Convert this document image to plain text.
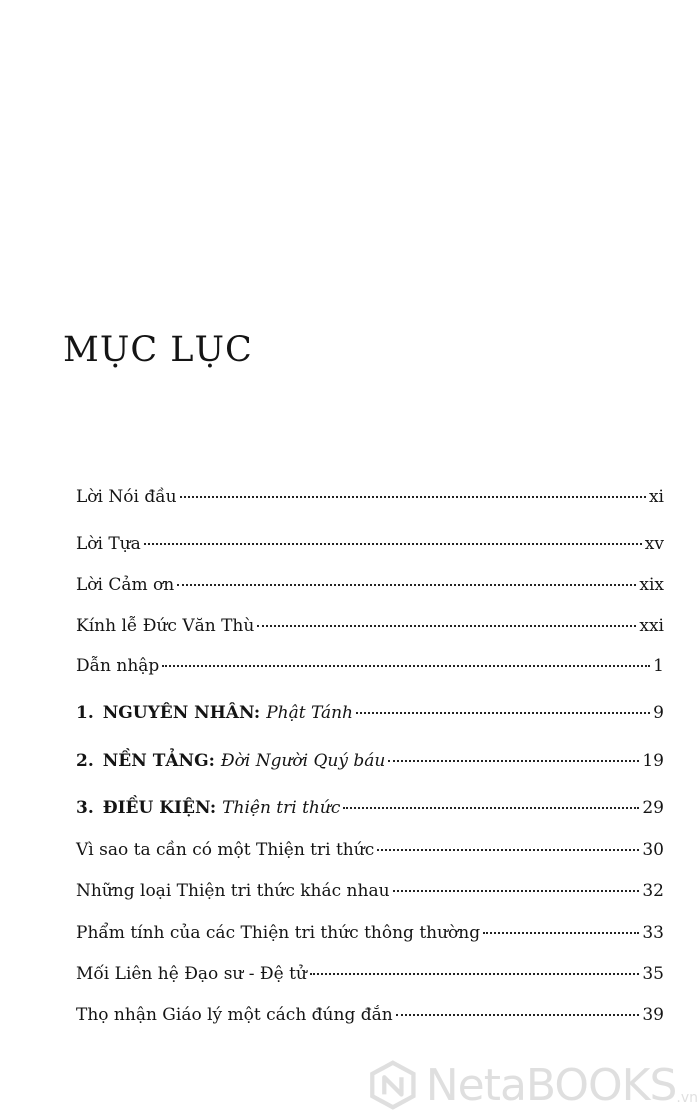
MỤC LỤC
Lời Nói đầu	xi
Lời Tựa	xv
Lời Cảm ơn	xix
Kính lễ Đức Văn Thù	xxi
Dẫn nhập	1
1. NGUYÊN NHÂN: Phật Tánh	9
2. NỀN TẢNG: Đời Người Quý báu	19
3. ĐIỀU KIỆN: Thiện tri thức	29
Vì sao ta cần có một Thiện tri thức	30
Những loại Thiện tri thức khác nhau	32
Phẩm tính của các Thiện tri thức thông thường	33
Mối Liên hệ Đạo sư - Đệ tử	35
Thọ nhận Giáo lý một cách đúng đắn	39
NetaBOOKS .vn
